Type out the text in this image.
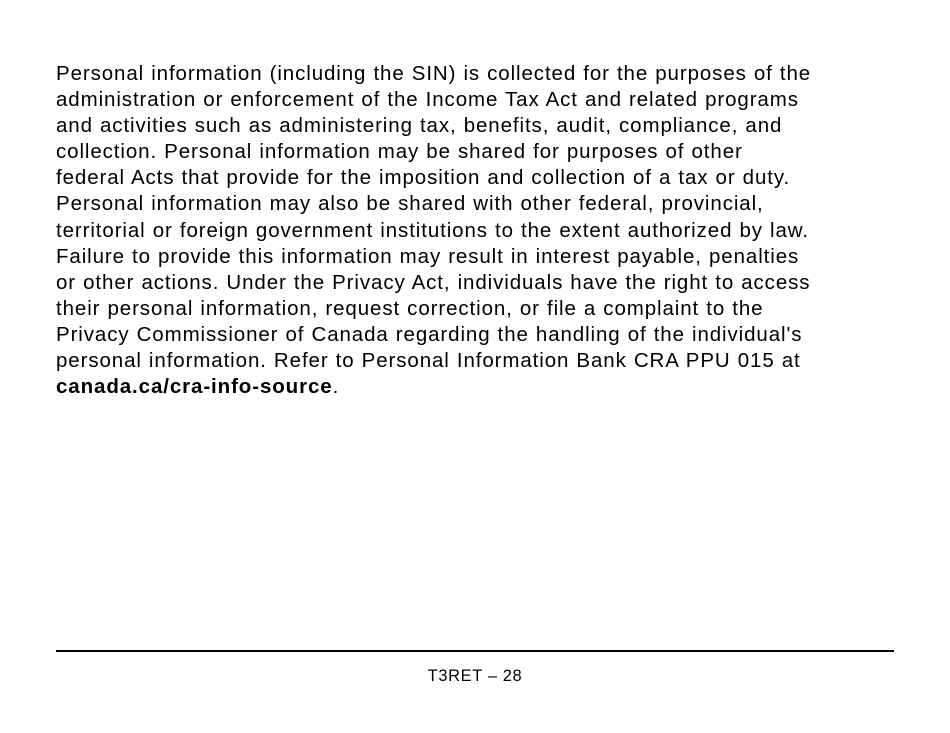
Personal information (including the SIN) is collected for the purposes of the
administration or enforcement of the Income Tax Act and related programs
and activities such as administering tax, benefits, audit, compliance, and
collection. Personal information may be shared for purposes of other
federal Acts that provide for the imposition and collection of a tax or duty.
Personal information may also be shared with other federal, provincial,
territorial or foreign government institutions to the extent authorized by law.
Failure to provide this information may result in interest payable, penalties
or other actions. Under the Privacy Act, individuals have the right to access
their personal information, request correction, or file a complaint to the
Privacy Commissioner of Canada regarding the handling of the individual's
personal information. Refer to Personal Information Bank CRA PPU 015 at
canada.ca/cra-info-source.

T3RET – 28
